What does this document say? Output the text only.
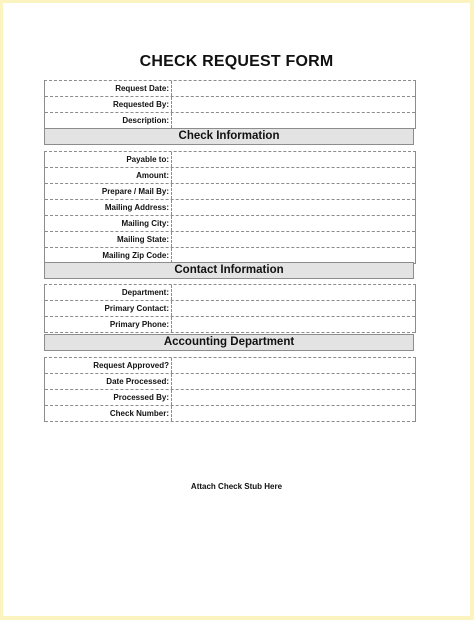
CHECK REQUEST FORM
Request Date:
Requested By:
Description:
Check Information
Payable to:
Amount:
Prepare / Mail By:
Mailing Address:
Mailing City:
Mailing State:
Mailing Zip Code:
Contact Information
Department:
Primary Contact:
Primary Phone:
Accounting Department
Request Approved?
Date Processed:
Processed By:
Check Number:
Attach Check Stub Here
